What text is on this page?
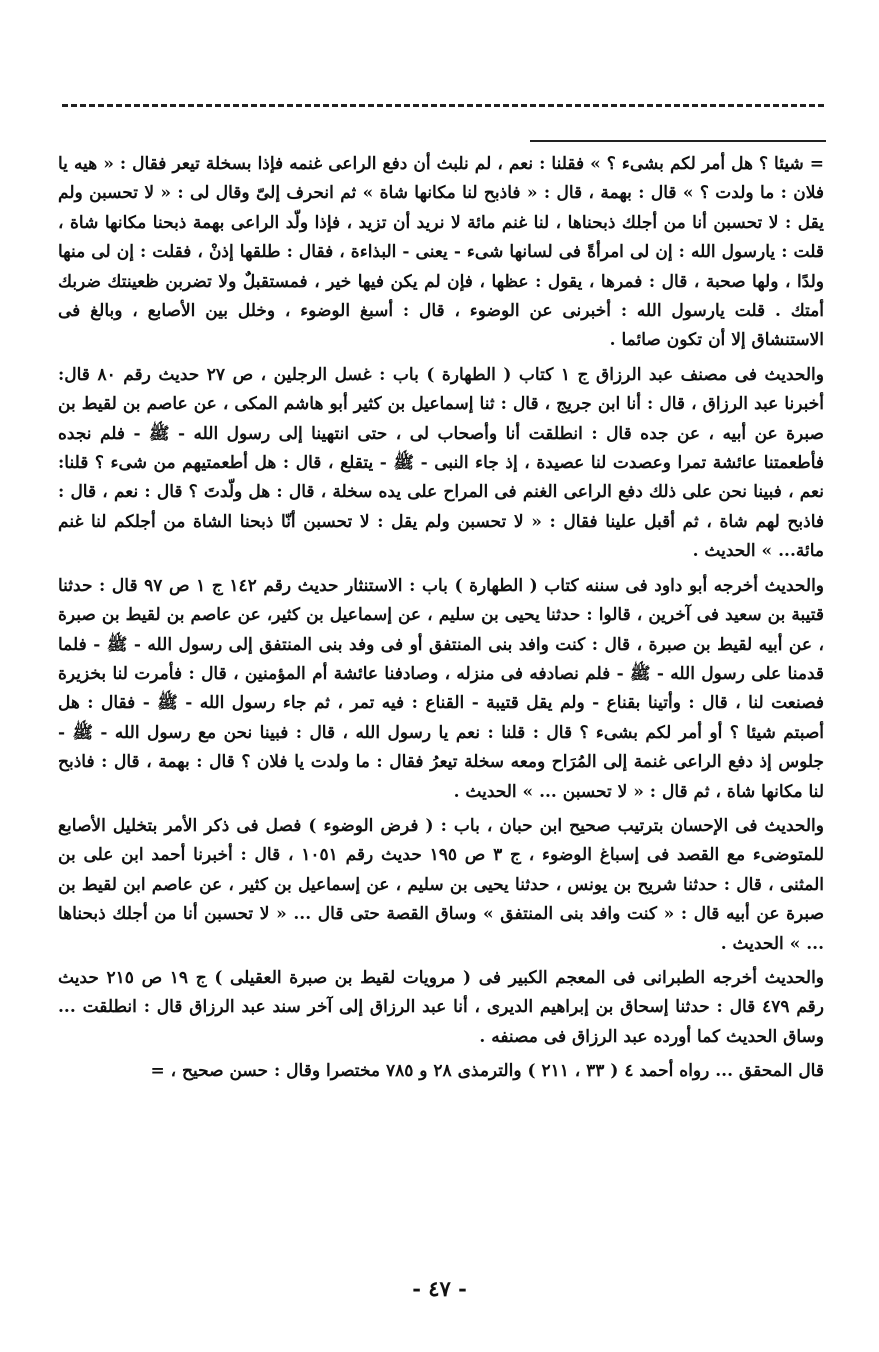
= شيئا ؟ هل أمر لكم بشىء ؟ » فقلنا : نعم ، لم نلبث أن دفع الراعى غنمه فإذا بسخلة تيعر فقال : « هيه يا فلان : ما ولدت ؟ » قال : بهمة ، قال : « فاذبح لنا مكانها شاة » ثم انحرف إلىّ وقال لى : « لا تحسبن ولم يقل : لا تحسبن أنا من أجلك ذبحناها ، لنا غنم مائة لا نريد أن تزيد ، فإذا ولّد الراعى بهمة ذبحنا مكانها شاة ، قلت : يارسول الله : إن لى امرأةً فى لسانها شىء - يعنى - البذاءة ، فقال : طلقها إذنْ ، فقلت : إن لى منها ولدًا ، ولها صحبة ، قال : فمرها ، يقول : عظها ، فإن لم يكن فيها خير ، فمستقبلٌ ولا تضربن ظعينتك ضربك أمتك . قلت يارسول الله : أخبرنى عن الوضوء ، قال : أسبغ الوضوء ، وخلل بين الأصابع ، وبالغ فى الاستنشاق إلا أن تكون صائما .

والحديث فى مصنف عبد الرزاق ج ١ كتاب ( الطهارة ) باب : غسل الرجلين ، ص ٢٧ حديث رقم ٨٠ قال: أخبرنا عبد الرزاق ، قال : أنا ابن جريج ، قال : ثنا إسماعيل بن كثير أبو هاشم المكى ، عن عاصم بن لقيط بن صبرة عن أبيه ، عن جده قال : انطلقت أنا وأصحاب لى ، حتى انتهينا إلى رسول الله - ﷺ - فلم نجده فأطعمتنا عائشة تمرا وعصدت لنا عصيدة ، إذ جاء النبى - ﷺ - يتقلع ، قال : هل أطعمتيهم من شىء ؟ قلنا: نعم ، فبينا نحن على ذلك دفع الراعى الغنم فى المراح على يده سخلة ، قال : هل ولّدتَ ؟ قال : نعم ، قال : فاذبح لهم شاة ، ثم أقبل علينا فقال : « لا تحسبن ولم يقل : لا تحسبن أنّا ذبحنا الشاة من أجلكم لنا غنم مائة... » الحديث .

والحديث أخرجه أبو داود فى سننه كتاب ( الطهارة ) باب : الاستنثار حديث رقم ١٤٢ ج ١ ص ٩٧ قال : حدثنا قتيبة بن سعيد فى آخرين ، قالوا : حدثنا يحيى بن سليم ، عن إسماعيل بن كثير، عن عاصم بن لقيط بن صبرة ، عن أبيه لقيط بن صبرة ، قال : كنت وافد بنى المنتفق أو فى وفد بنى المنتفق إلى رسول الله - ﷺ - فلما قدمنا على رسول الله - ﷺ - فلم نصادفه فى منزله ، وصادفنا عائشة أم المؤمنين ، قال : فأمرت لنا بخزيرة فصنعت لنا ، قال : وأتينا بقناع - ولم يقل قتيبة - القناع : فيه تمر ، ثم جاء رسول الله - ﷺ - فقال : هل أصبتم شيئا ؟ أو أمر لكم بشىء ؟ قال : قلنا : نعم يا رسول الله ، قال : فبينا نحن مع رسول الله - ﷺ - جلوس إذ دفع الراعى غنمة إلى المُرَاح ومعه سخلة تيعرُ فقال : ما ولدت يا فلان ؟ قال : بهمة ، قال : فاذبح لنا مكانها شاة ، ثم قال : « لا تحسبن ... » الحديث .

والحديث فى الإحسان بترتيب صحيح ابن حبان ، باب : ( فرض الوضوء ) فصل فى ذكر الأمر بتخليل الأصابع للمتوضىء مع القصد فى إسباغ الوضوء ، ج ٣ ص ١٩٥ حديث رقم ١٠٥١ ، قال : أخبرنا أحمد ابن على بن المثنى ، قال : حدثنا شريح بن يونس ، حدثنا يحيى بن سليم ، عن إسماعيل بن كثير ، عن عاصم ابن لقيط بن صبرة عن أبيه قال : « كنت وافد بنى المنتفق » وساق القصة حتى قال ... « لا تحسبن أنا من أجلك ذبحناها ... » الحديث .

والحديث أخرجه الطبرانى فى المعجم الكبير فى ( مرويات لقيط بن صبرة العقيلى ) ج ١٩ ص ٢١٥ حديث رقم ٤٧٩ قال : حدثنا إسحاق بن إبراهيم الديرى ، أنا عبد الرزاق إلى آخر سند عبد الرزاق قال : انطلقت ... وساق الحديث كما أورده عبد الرزاق فى مصنفه .

قال المحقق ... رواه أحمد ٤ ( ٣٣ ، ٢١١ ) والترمذى ٢٨ و ٧٨٥ مختصرا وقال : حسن صحيح ، =

- ٤٧ -
